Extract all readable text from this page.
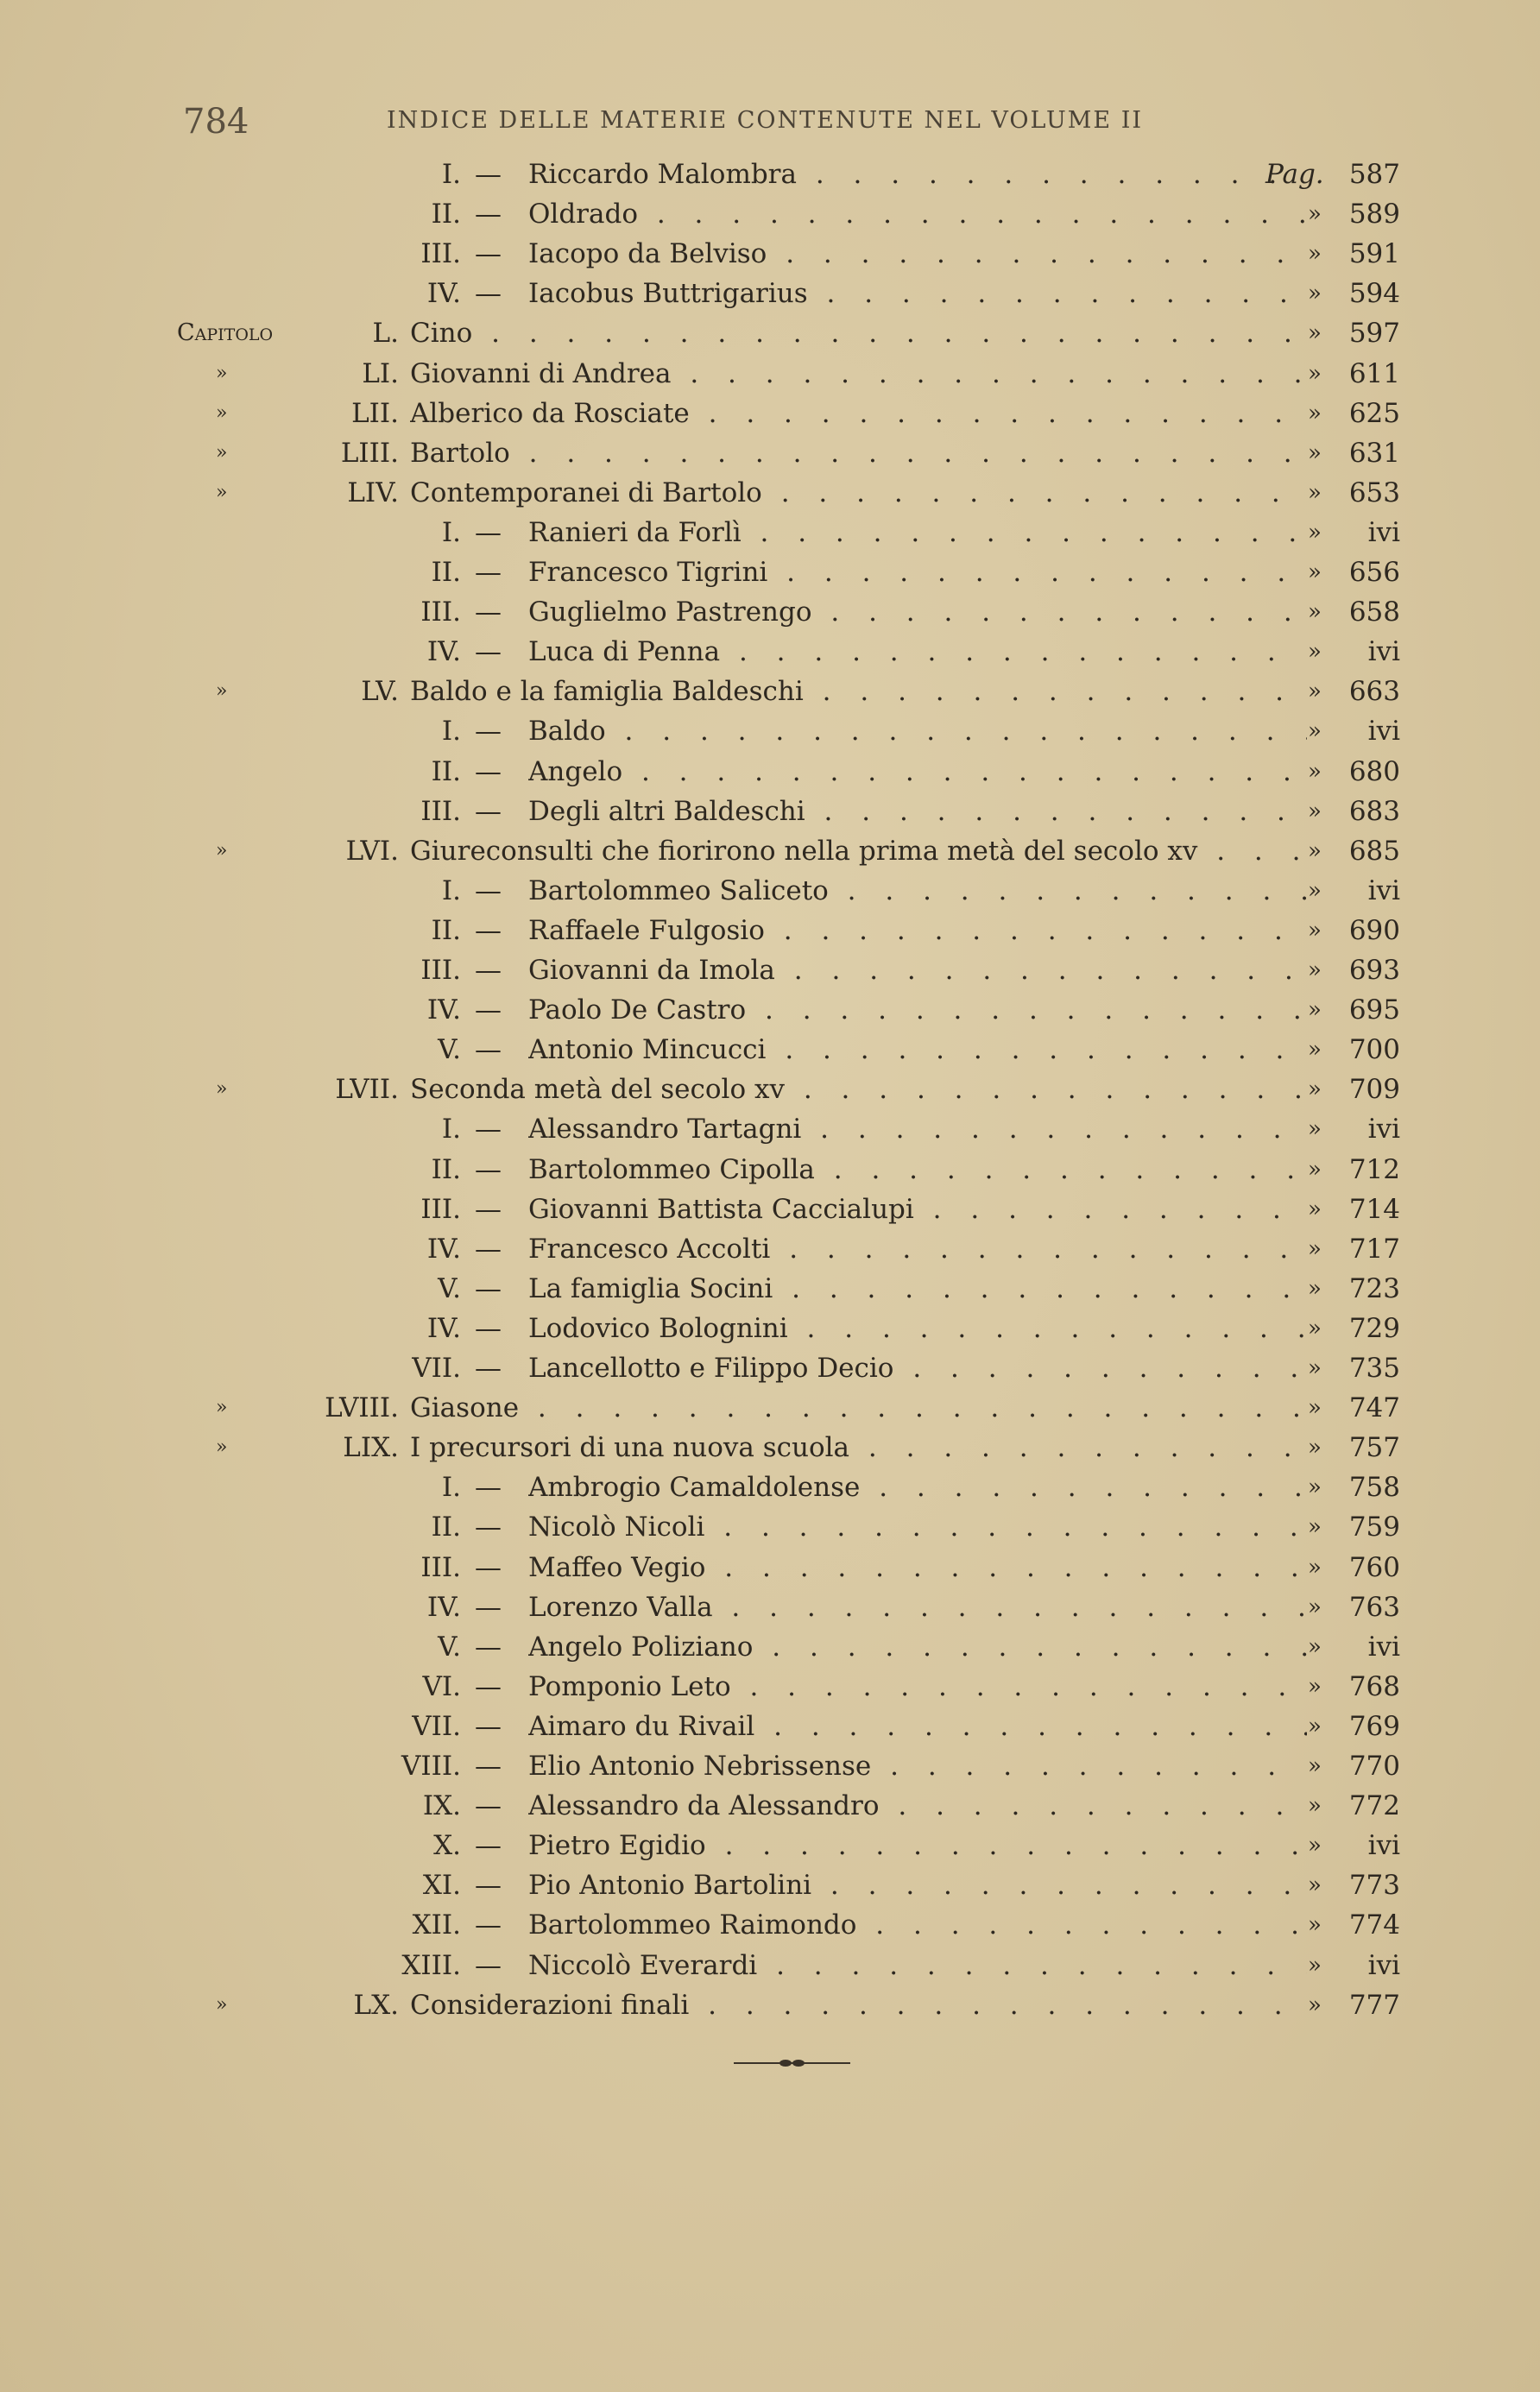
784	INDICE DELLE MATERIE CONTENUTE NEL VOLUME II
I. — Riccardo Malombra . . .	Pag. 587
II. — Oldrado . . .	» 589
III. — Iacopo da Belviso . . .	» 591
IV. — Iacobus Buttrigarius . . .	» 594
Capitolo	L. Cino . . .	» 597
»	LI. Giovanni di Andrea . . .	» 611
»	LII. Alberico da Rosciate . . .	» 625
»	LIII. Bartolo . . .	» 631
»	LIV. Contemporanei di Bartolo . . .	» 653
I. — Ranieri da Forlì . . .	» ivi
II. — Francesco Tigrini . . .	» 656
III. — Guglielmo Pastrengo . . .	» 658
IV. — Luca di Penna . . .	» ivi
»	LV. Baldo e la famiglia Baldeschi . . .	» 663
I. — Baldo . . .	» ivi
II. — Angelo . . .	» 680
III. — Degli altri Baldeschi . . .	» 683
»	LVI. Giureconsulti che fiorirono nella prima metà del secolo xv . . .	» 685
I. — Bartolommeo Saliceto . . .	» ivi
II. — Raffaele Fulgosio . . .	» 690
III. — Giovanni da Imola . . .	» 693
IV. — Paolo De Castro . . .	» 695
V. — Antonio Mincucci . . .	» 700
»	LVII. Seconda metà del secolo xv . . .	» 709
I. — Alessandro Tartagni . . .	» ivi
II. — Bartolommeo Cipolla . . .	» 712
III. — Giovanni Battista Caccialupi . . .	» 714
IV. — Francesco Accolti . . .	» 717
V. — La famiglia Socini . . .	» 723
IV. — Lodovico Bolognini . . .	» 729
VII. — Lancellotto e Filippo Decio . . .	» 735
»	LVIII. Giasone . . .	» 747
»	LIX. I precursori di una nuova scuola . . .	» 757
I. — Ambrogio Camaldolense . . .	» 758
II. — Nicolò Nicoli . . .	» 759
III. — Maffeo Vegio . . .	» 760
IV. — Lorenzo Valla . . .	» 763
V. — Angelo Poliziano . . .	» ivi
VI. — Pomponio Leto . . .	» 768
VII. — Aimaro du Rivail . . .	» 769
VIII. — Elio Antonio Nebrissense . . .	» 770
IX. — Alessandro da Alessandro . . .	» 772
X. — Pietro Egidio . . .	» ivi
XI. — Pio Antonio Bartolini . . .	» 773
XII. — Bartolommeo Raimondo . . .	» 774
XIII. — Niccolò Everardi . . .	» ivi
»	LX. Considerazioni finali . . .	» 777
